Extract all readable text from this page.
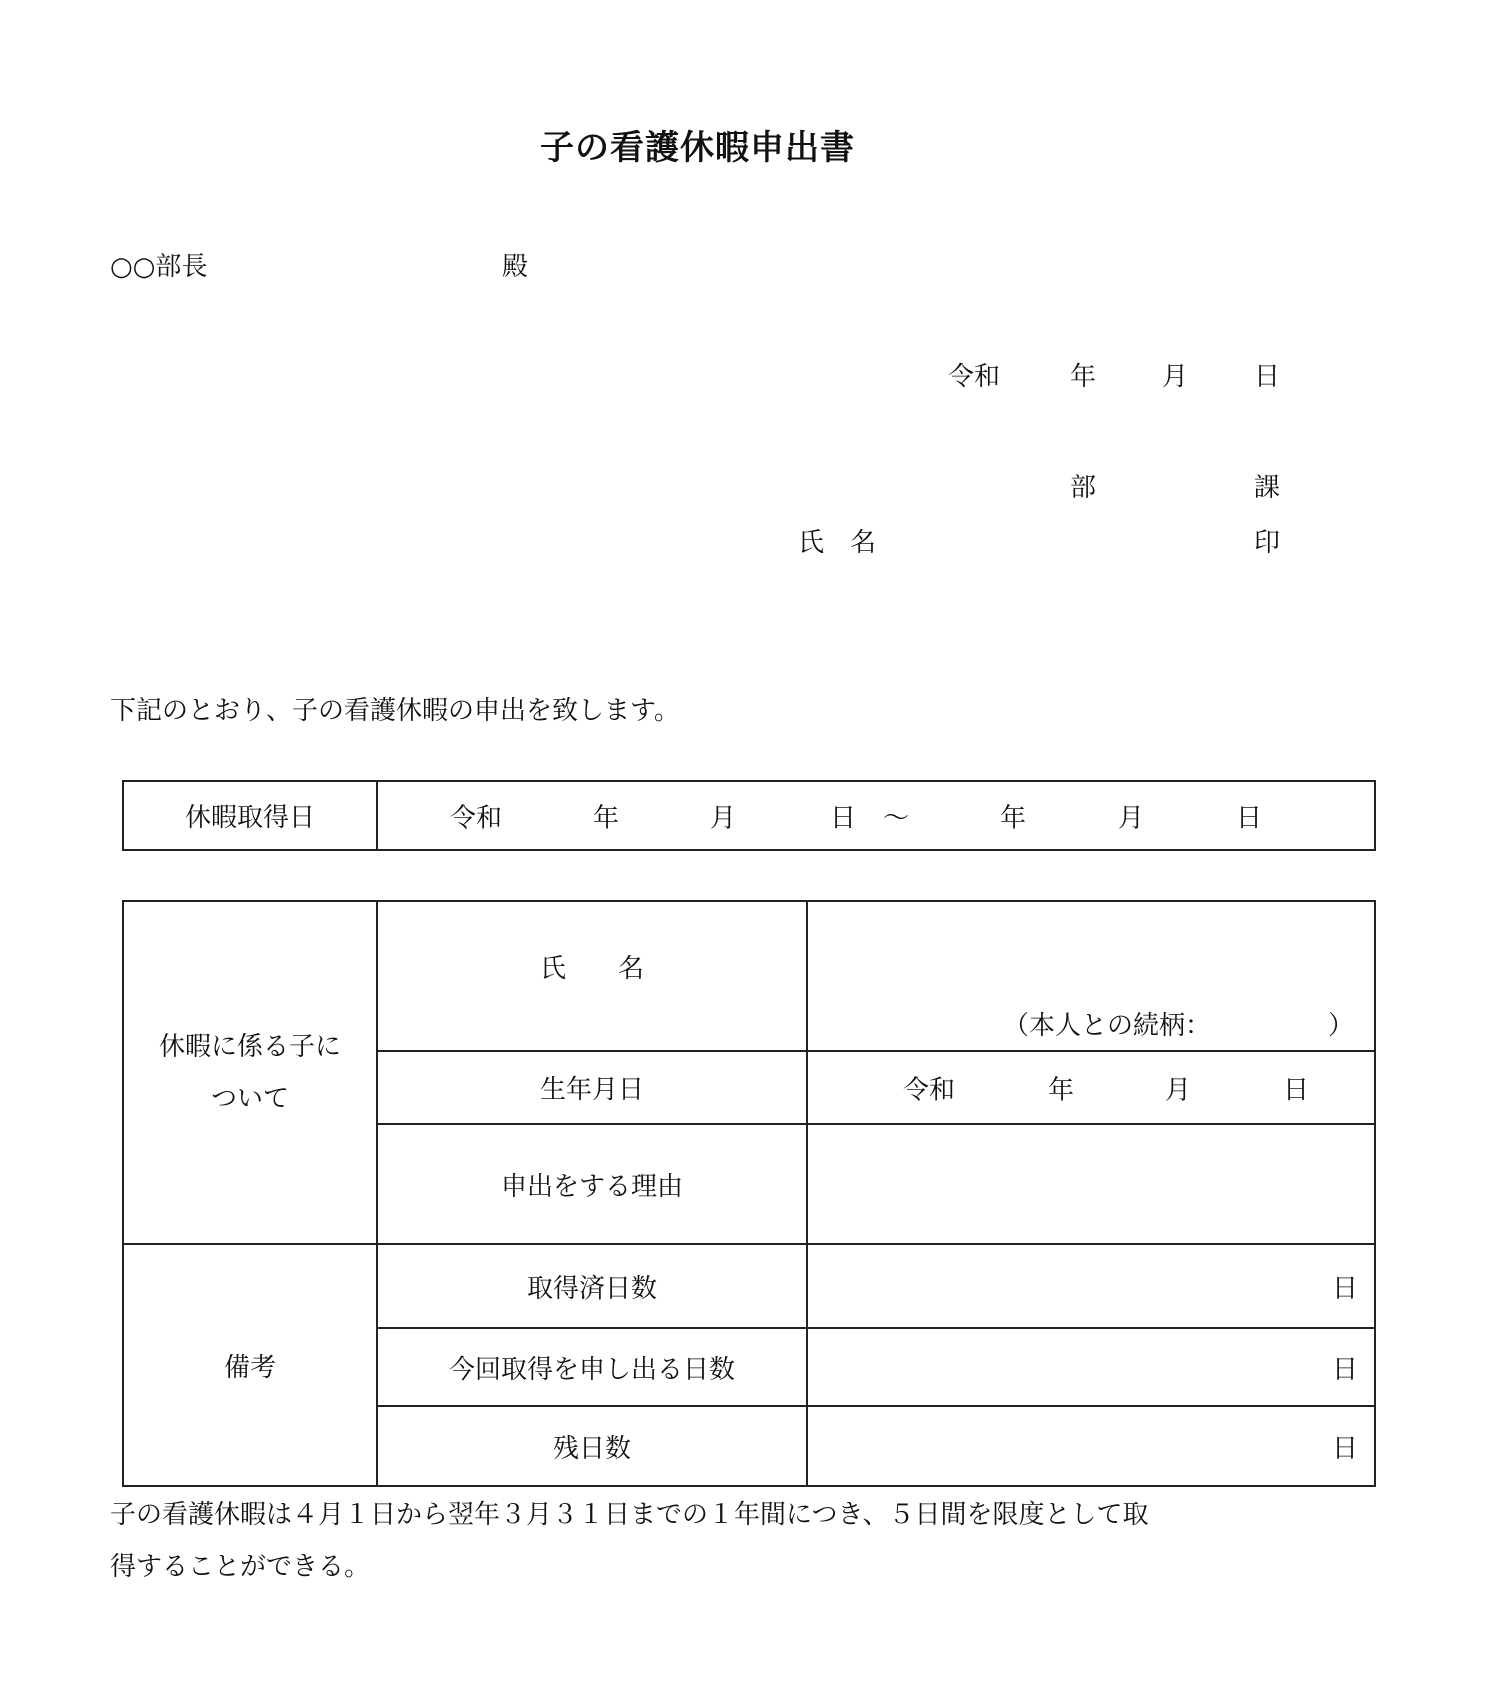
子の看護休暇申出書
○○部長	殿
令和	年	月	日
部	課
氏　名	印
下記のとおり、子の看護休暇の申出を致します。
休暇取得日	令和	年	月	日 ～	年	月	日
休暇に係る子に
ついて	氏　　名	（本人との続柄：　　　　　）

	生年月日	令和 年 月 日

	申出をする理由	
備考	取得済日数	日
	今回取得を申し出る日数	日
	残日数	日
子の看護休暇は４月１日から翌年３月３１日までの１年間につき、５日間を限度として取
得することができる。
